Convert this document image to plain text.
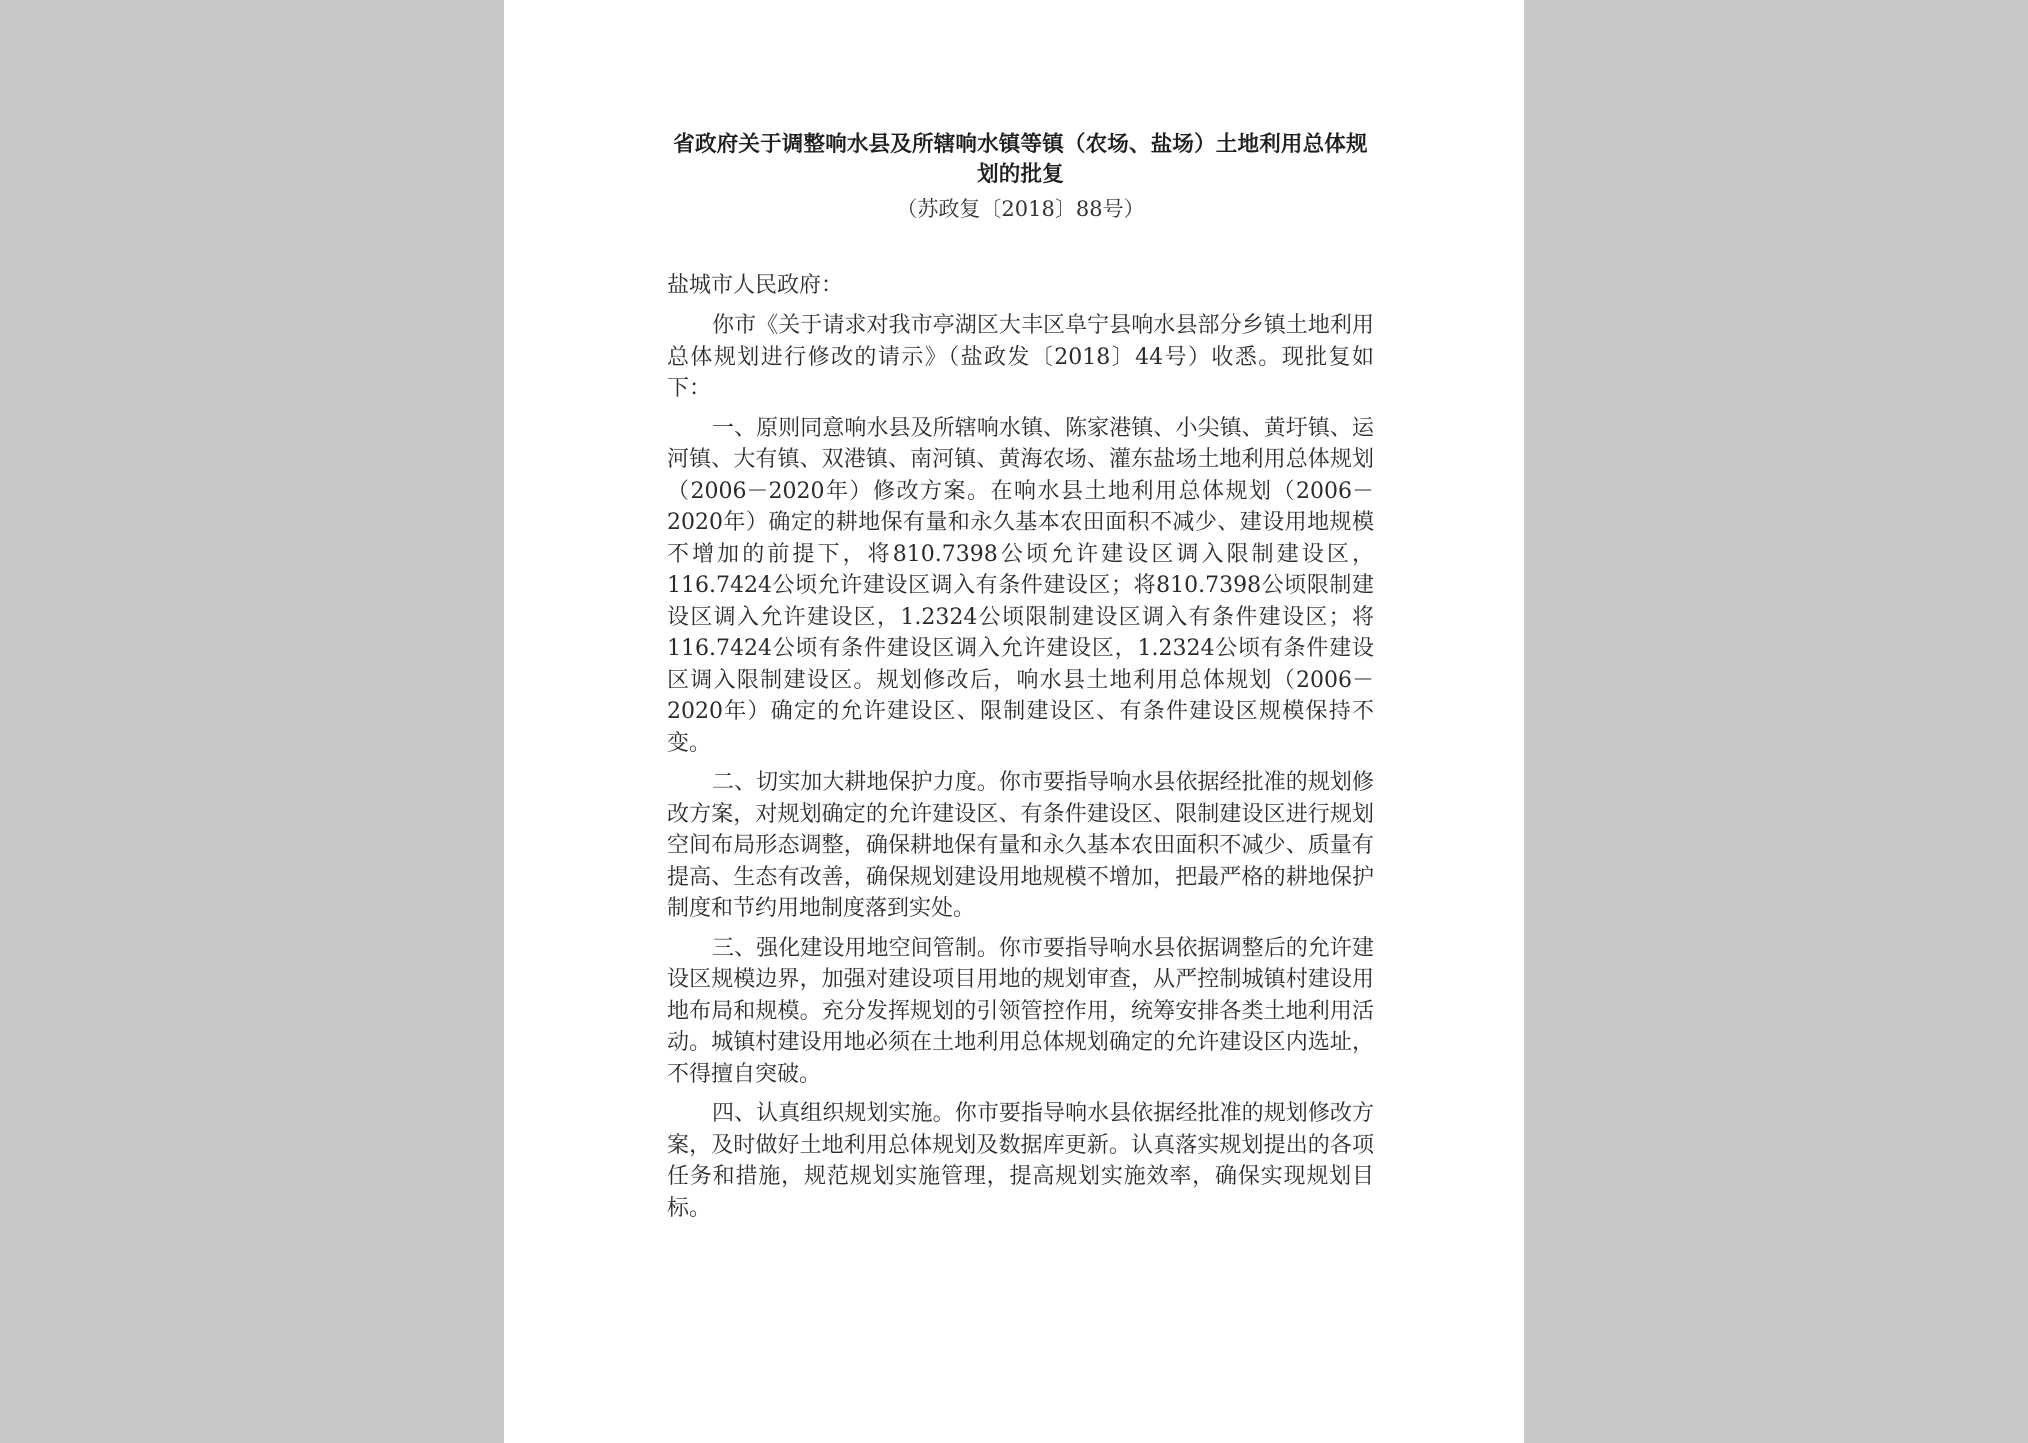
省政府关于调整响水县及所辖响水镇等镇（农场、盐场）土地利用总体规划的批复

（苏政复〔2018〕88号）

盐城市人民政府：

你市《关于请求对我市亭湖区大丰区阜宁县响水县部分乡镇土地利用总体规划进行修改的请示》（盐政发〔2018〕44号）收悉。现批复如下：

一、原则同意响水县及所辖响水镇、陈家港镇、小尖镇、黄圩镇、运河镇、大有镇、双港镇、南河镇、黄海农场、灌东盐场土地利用总体规划（2006－2020年）修改方案。在响水县土地利用总体规划（2006－2020年）确定的耕地保有量和永久基本农田面积不减少、建设用地规模不增加的前提下，将810.7398公顷允许建设区调入限制建设区，116.7424公顷允许建设区调入有条件建设区；将810.7398公顷限制建设区调入允许建设区，1.2324公顷限制建设区调入有条件建设区；将116.7424公顷有条件建设区调入允许建设区，1.2324公顷有条件建设区调入限制建设区。规划修改后，响水县土地利用总体规划（2006－2020年）确定的允许建设区、限制建设区、有条件建设区规模保持不变。

二、切实加大耕地保护力度。你市要指导响水县依据经批准的规划修改方案，对规划确定的允许建设区、有条件建设区、限制建设区进行规划空间布局形态调整，确保耕地保有量和永久基本农田面积不减少、质量有提高、生态有改善，确保规划建设用地规模不增加，把最严格的耕地保护制度和节约用地制度落到实处。

三、强化建设用地空间管制。你市要指导响水县依据调整后的允许建设区规模边界，加强对建设项目用地的规划审查，从严控制城镇村建设用地布局和规模。充分发挥规划的引领管控作用，统筹安排各类土地利用活动。城镇村建设用地必须在土地利用总体规划确定的允许建设区内选址，不得擅自突破。

四、认真组织规划实施。你市要指导响水县依据经批准的规划修改方案，及时做好土地利用总体规划及数据库更新。认真落实规划提出的各项任务和措施，规范规划实施管理，提高规划实施效率，确保实现规划目标。
